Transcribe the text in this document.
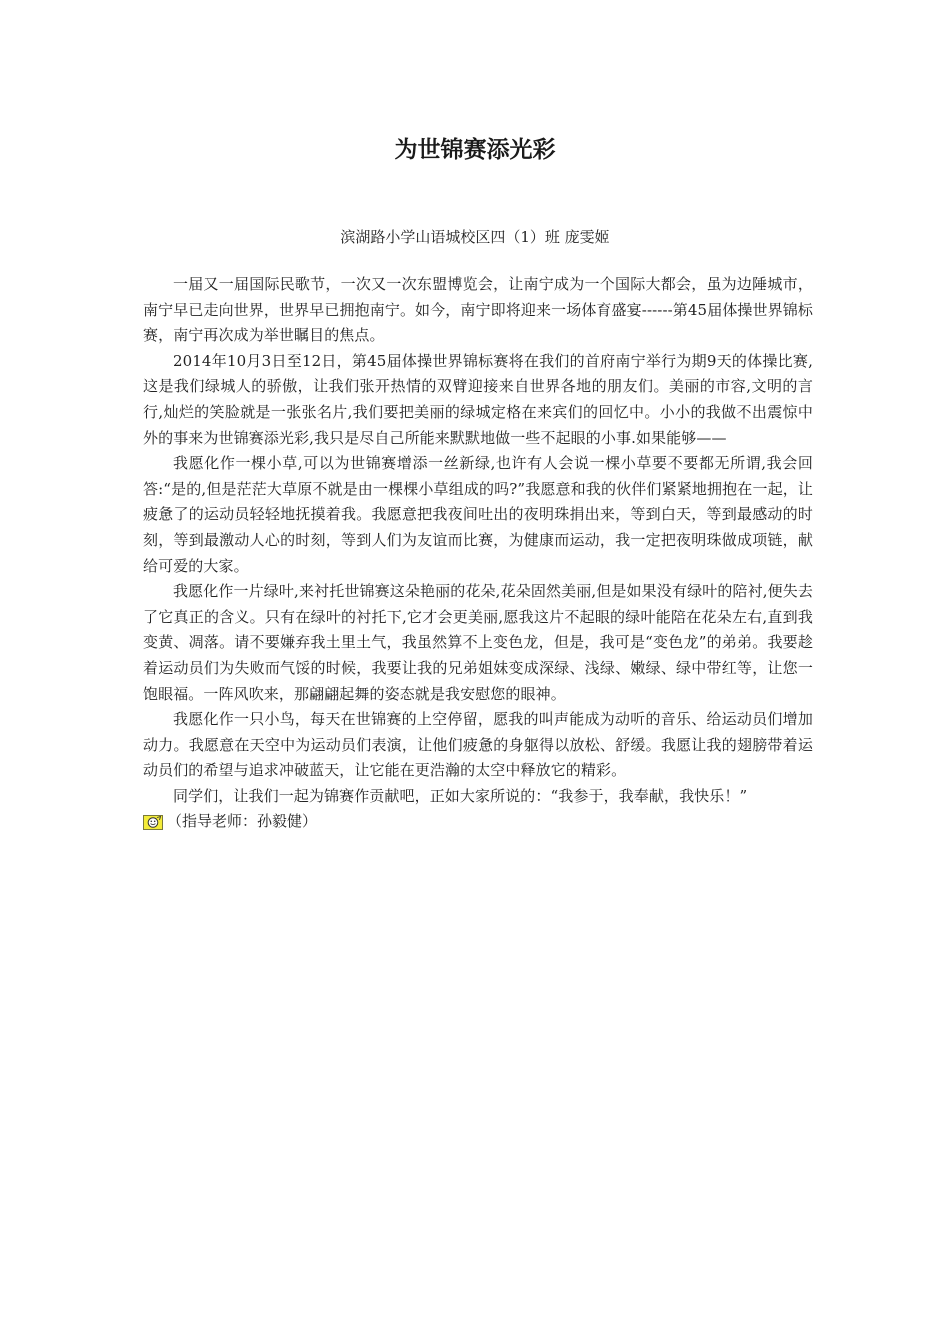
为世锦赛添光彩

滨湖路小学山语城校区四（1）班 庞雯姬

一届又一届国际民歌节，一次又一次东盟博览会，让南宁成为一个国际大都会，虽为边陲城市，南宁早已走向世界，世界早已拥抱南宁。如今，南宁即将迎来一场体育盛宴------第45届体操世界锦标赛，南宁再次成为举世瞩目的焦点。

2014年10月3日至12日，第45届体操世界锦标赛将在我们的首府南宁举行为期9天的体操比赛,这是我们绿城人的骄傲，让我们张开热情的双臂迎接来自世界各地的朋友们。美丽的市容,文明的言行,灿烂的笑脸就是一张张名片,我们要把美丽的绿城定格在来宾们的回忆中。小小的我做不出震惊中外的事来为世锦赛添光彩,我只是尽自己所能来默默地做一些不起眼的小事.如果能够——

我愿化作一棵小草,可以为世锦赛增添一丝新绿,也许有人会说一棵小草要不要都无所谓,我会回答:“是的,但是茫茫大草原不就是由一棵棵小草组成的吗?”我愿意和我的伙伴们紧紧地拥抱在一起，让疲惫了的运动员轻轻地抚摸着我。我愿意把我夜间吐出的夜明珠捐出来，等到白天，等到最感动的时刻，等到最激动人心的时刻，等到人们为友谊而比赛，为健康而运动，我一定把夜明珠做成项链，献给可爱的大家。

我愿化作一片绿叶,来衬托世锦赛这朵艳丽的花朵,花朵固然美丽,但是如果没有绿叶的陪衬,便失去了它真正的含义。只有在绿叶的衬托下,它才会更美丽,愿我这片不起眼的绿叶能陪在花朵左右,直到我变黄、凋落。请不要嫌弃我土里土气，我虽然算不上变色龙，但是，我可是“变色龙”的弟弟。我要趁着运动员们为失败而气馁的时候，我要让我的兄弟姐妹变成深绿、浅绿、嫩绿、绿中带红等，让您一饱眼福。一阵风吹来，那翩翩起舞的姿态就是我安慰您的眼神。

我愿化作一只小鸟，每天在世锦赛的上空停留，愿我的叫声能成为动听的音乐、给运动员们增加动力。我愿意在天空中为运动员们表演，让他们疲惫的身躯得以放松、舒缓。我愿让我的翅膀带着运动员们的希望与追求冲破蓝天，让它能在更浩瀚的太空中释放它的精彩。

同学们，让我们一起为锦赛作贡献吧，正如大家所说的：“我参于，我奉献，我快乐！”

（指导老师：孙毅健）
